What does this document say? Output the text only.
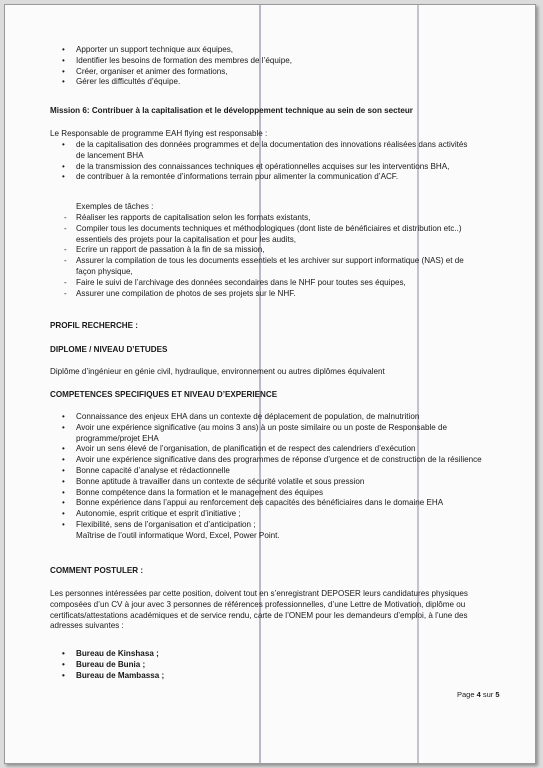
• Apporter un support technique aux équipes,
• Identifier les besoins de formation des membres de l’équipe,
• Créer, organiser et animer des formations,
• Gérer les difficultés d’équipe.
Mission 6: Contribuer à la capitalisation et le développement technique au sein de son secteur
Le Responsable de programme EAH flying est responsable :
• de la capitalisation des données programmes et de la documentation des innovations réalisées dans activités
de lancement BHA
• de la transmission des connaissances techniques et opérationnelles acquises sur les interventions BHA,
• de contribuer à la remontée d’informations terrain pour alimenter la communication d’ACF.
Exemples de tâches :
- Réaliser les rapports de capitalisation selon les formats existants,
- Compiler tous les documents techniques et méthodologiques (dont liste de bénéficiaires et distribution etc..)
essentiels des projets pour la capitalisation et pour les audits,
- Ecrire un rapport de passation à la fin de sa mission,
- Assurer la compilation de tous les documents essentiels et les archiver sur support informatique (NAS) et de
façon physique,
- Faire le suivi de l’archivage des données secondaires dans le NHF pour toutes ses équipes,
- Assurer une compilation de photos de ses projets sur le NHF.
PROFIL RECHERCHE :
DIPLOME / NIVEAU D’ETUDES
Diplôme d’ingénieur en génie civil, hydraulique, environnement ou autres diplômes équivalent
COMPETENCES SPECIFIQUES ET NIVEAU D’EXPERIENCE
• Connaissance des enjeux EHA dans un contexte de déplacement de population, de malnutrition
• Avoir une expérience significative (au moins 3 ans) à un poste similaire ou un poste de Responsable de
programme/projet EHA
• Avoir un sens élevé de l’organisation, de planification et de respect des calendriers d’exécution
• Avoir une expérience significative dans des programmes de réponse d’urgence et de construction de la résilience
• Bonne capacité d’analyse et rédactionnelle
• Bonne aptitude à travailler dans un contexte de sécurité volatile et sous pression
• Bonne compétence dans la formation et le management des équipes
• Bonne expérience dans l’appui au renforcement des capacités des bénéficiaires dans le domaine EHA
• Autonomie, esprit critique et esprit d’initiative ;
• Flexibilité, sens de l’organisation et d’anticipation ;
Maîtrise de l’outil informatique Word, Excel, Power Point.
COMMENT POSTULER :
Les personnes intéressées par cette position, doivent tout en s’enregistrant DEPOSER leurs candidatures physiques
composées d’un CV à jour avec 3 personnes de références professionnelles, d’une Lettre de Motivation, diplôme ou
certificats/attestations académiques et de service rendu, carte de l’ONEM pour les demandeurs d’emploi, à l’une des
adresses suivantes :
• Bureau de Kinshasa ;
• Bureau de Bunia ;
• Bureau de Mambassa ;
Page 4 sur 5
